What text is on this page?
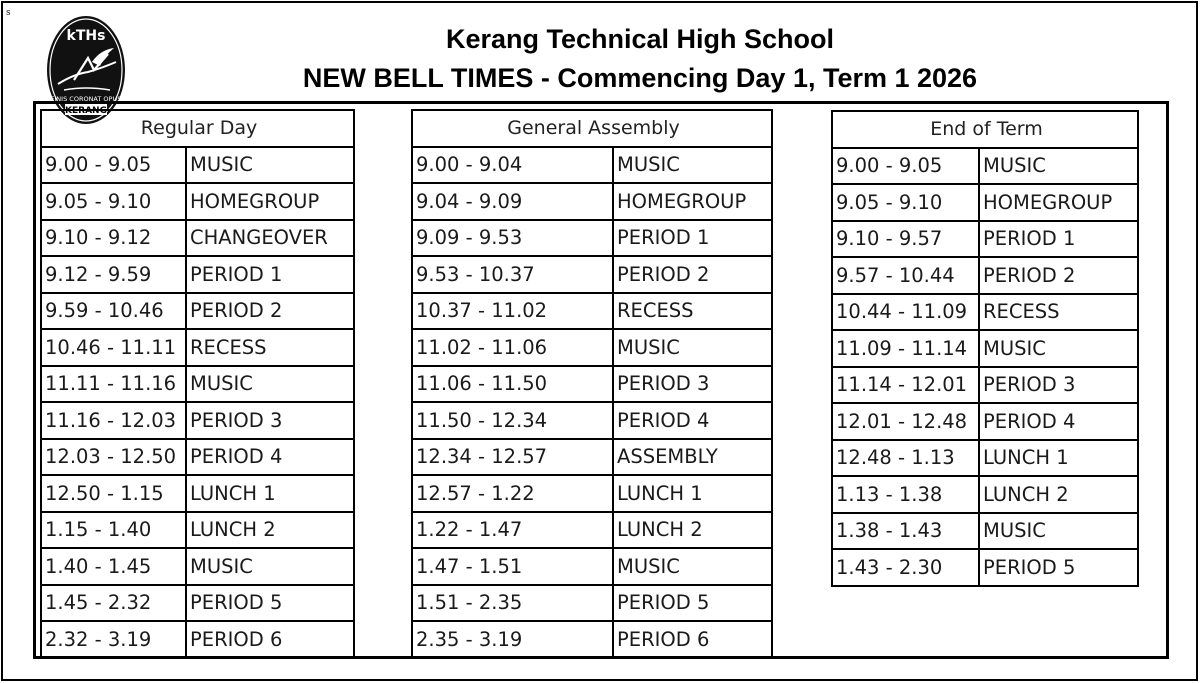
s
kTHs
FINIS CORONAT OPUS
KERANG
Kerang Technical High School
NEW BELL TIMES - Commencing Day 1, Term 1 2026
Regular Day	
9.00 - 9.05	MUSIC
9.05 - 9.10	HOMEGROUP
9.10 - 9.12	CHANGEOVER
9.12 - 9.59	PERIOD 1
9.59 - 10.46	PERIOD 2
10.46 - 11.11	RECESS
11.11 - 11.16	MUSIC
11.16 - 12.03	PERIOD 3
12.03 - 12.50	PERIOD 4
12.50 - 1.15	LUNCH 1
1.15 - 1.40	LUNCH 2
1.40 - 1.45	MUSIC
1.45 - 2.32	PERIOD 5
2.32 - 3.19	PERIOD 6
General Assembly	
9.00 - 9.04	MUSIC
9.04 - 9.09	HOMEGROUP
9.09 - 9.53	PERIOD 1
9.53 - 10.37	PERIOD 2
10.37 - 11.02	RECESS
11.02 - 11.06	MUSIC
11.06 - 11.50	PERIOD 3
11.50 - 12.34	PERIOD 4
12.34 - 12.57	ASSEMBLY
12.57 - 1.22	LUNCH 1
1.22 - 1.47	LUNCH 2
1.47 - 1.51	MUSIC
1.51 - 2.35	PERIOD 5
2.35 - 3.19	PERIOD 6
End of Term	
9.00 - 9.05	MUSIC
9.05 - 9.10	HOMEGROUP
9.10 - 9.57	PERIOD 1
9.57 - 10.44	PERIOD 2
10.44 - 11.09	RECESS
11.09 - 11.14	MUSIC
11.14 - 12.01	PERIOD 3
12.01 - 12.48	PERIOD 4
12.48 - 1.13	LUNCH 1
1.13 - 1.38	LUNCH 2
1.38 - 1.43	MUSIC
1.43 - 2.30	PERIOD 5
